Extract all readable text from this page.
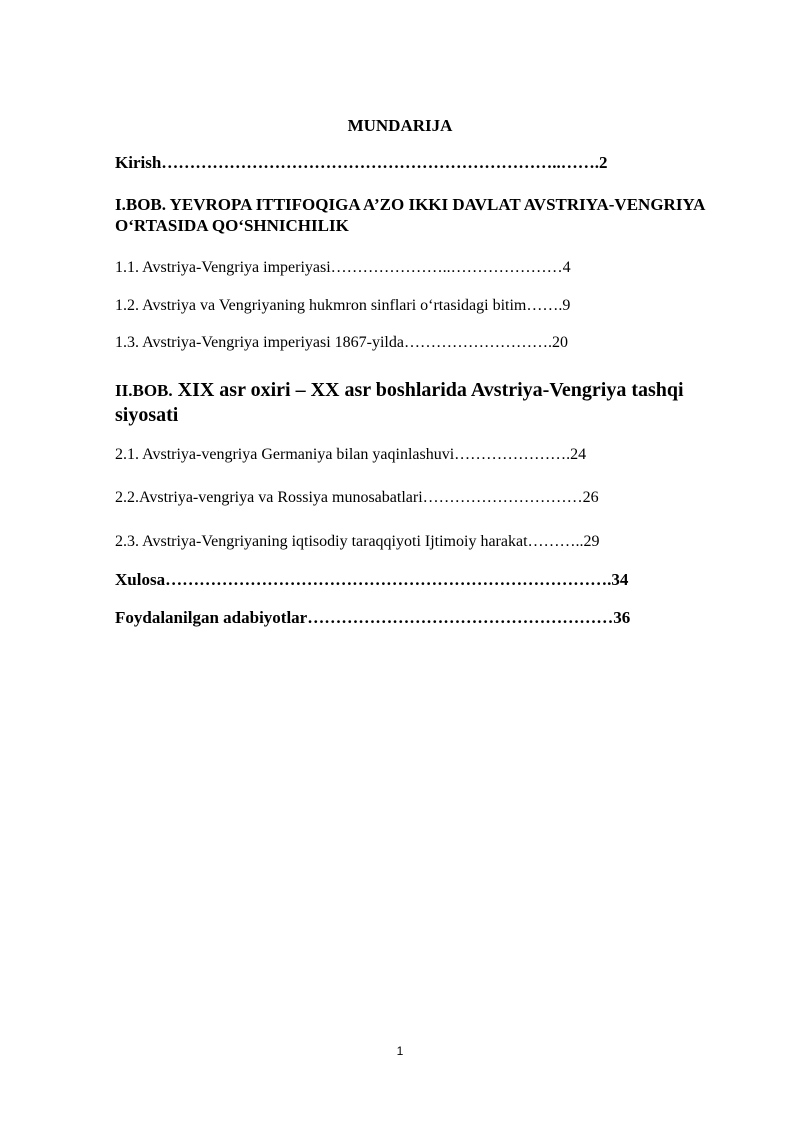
MUNDARIJA
Kirish……………………………………………………………..…….2
I.BOB. YEVROPA ITTIFOQIGA A’ZO IKKI DAVLAT AVSTRIYA-VENGRIYA O‘RTASIDA QO‘SHNICHILIK
1.1. Avstriya-Vengriya imperiyasi…………………..…………………4
1.2. Avstriya va Vengriyaning hukmron sinflari o‘rtasidagi bitim…….9
1.3. Avstriya-Vengriya imperiyasi 1867-yilda……………………….20
II.BOB. XIX asr oxiri – XX asr boshlarida Avstriya-Vengriya tashqi siyosati
2.1. Avstriya-vengriya Germaniya bilan yaqinlashuvi………………….24
2.2.Avstriya-vengriya va Rossiya munosabatlari…………………………26
2.3. Avstriya-Vengriyaning iqtisodiy taraqqiyoti Ijtimoiy harakat………..29
Xulosa…………………………………………………………………….34
Foydalanilgan adabiyotlar………………………………………………36
1
